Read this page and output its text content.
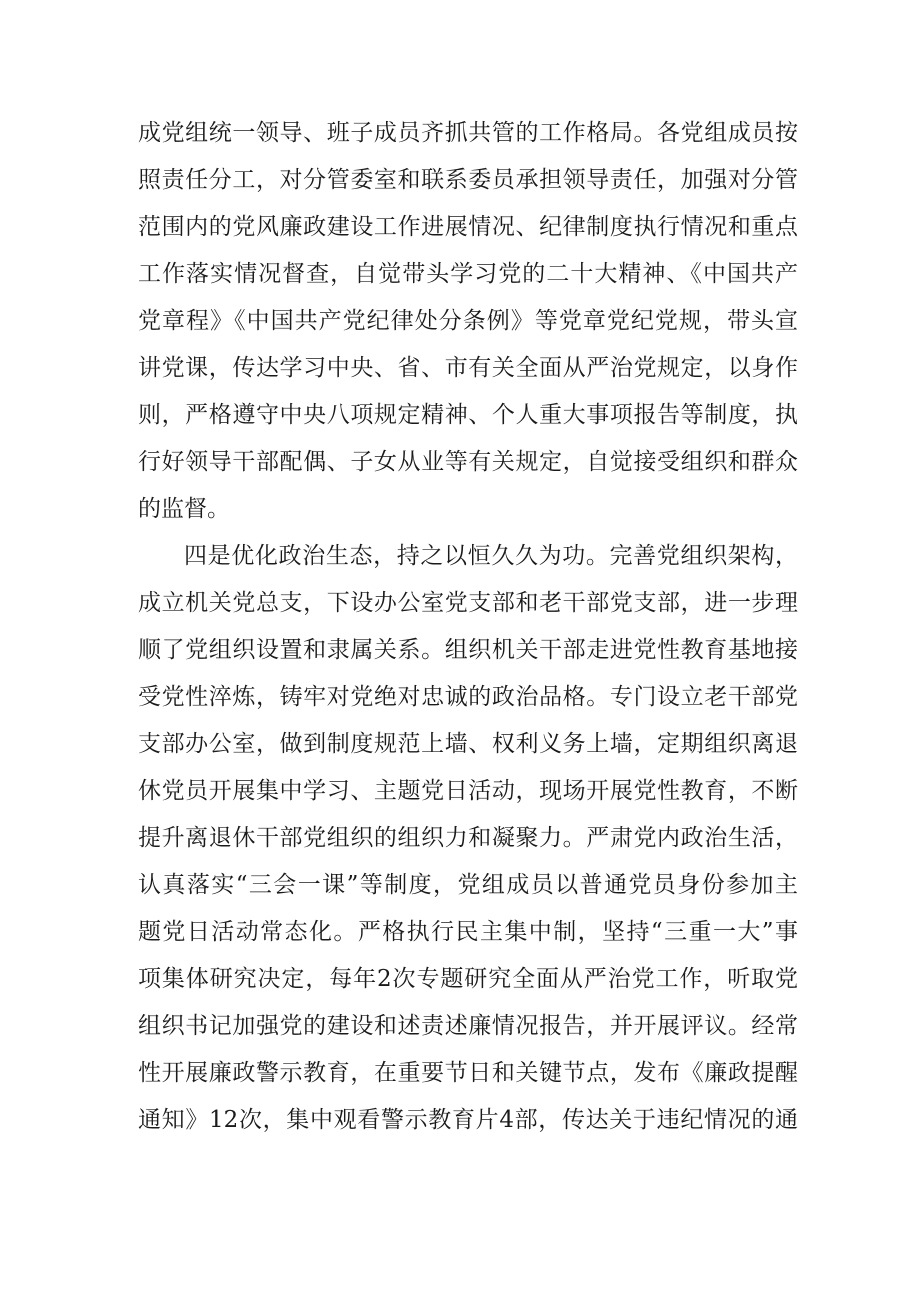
成党组统一领导、班子成员齐抓共管的工作格局。各党组成员按
照责任分工，对分管委室和联系委员承担领导责任，加强对分管
范围内的党风廉政建设工作进展情况、纪律制度执行情况和重点
工作落实情况督查，自觉带头学习党的二十大精神、《中国共产
党章程》《中国共产党纪律处分条例》等党章党纪党规，带头宣
讲党课，传达学习中央、省、市有关全面从严治党规定，以身作
则，严格遵守中央八项规定精神、个人重大事项报告等制度，执
行好领导干部配偶、子女从业等有关规定，自觉接受组织和群众
的监督。
四是优化政治生态，持之以恒久久为功。完善党组织架构，
成立机关党总支，下设办公室党支部和老干部党支部，进一步理
顺了党组织设置和隶属关系。组织机关干部走进党性教育基地接
受党性淬炼，铸牢对党绝对忠诚的政治品格。专门设立老干部党
支部办公室，做到制度规范上墙、权利义务上墙，定期组织离退
休党员开展集中学习、主题党日活动，现场开展党性教育，不断
提升离退休干部党组织的组织力和凝聚力。严肃党内政治生活，
认真落实“三会一课”等制度，党组成员以普通党员身份参加主
题党日活动常态化。严格执行民主集中制，坚持“三重一大”事
项集体研究决定，每年2次专题研究全面从严治党工作，听取党
组织书记加强党的建设和述责述廉情况报告，并开展评议。经常
性开展廉政警示教育，在重要节日和关键节点，发布《廉政提醒
通知》12次，集中观看警示教育片4部，传达关于违纪情况的通
